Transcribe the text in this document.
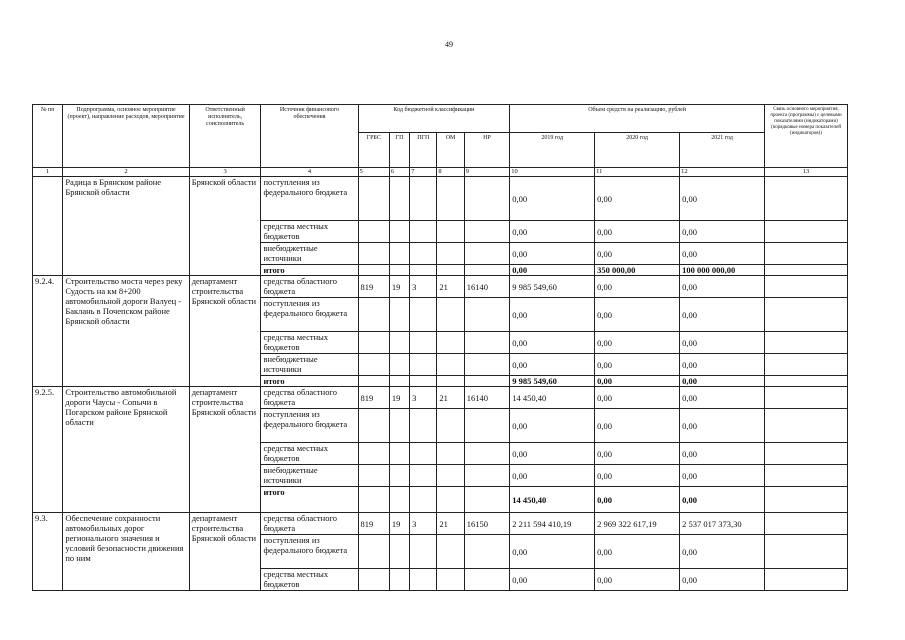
49
№ пп	Подпрограмма, основное мероприятие (проект), направление расходов, мероприятие	Ответственный исполнитель, соисполнитель	Источник финансового обеспечения	Код бюджетной классификации					Объем средств на реализацию, рублей			Связь основного мероприятия, проекта (программы) с целевыми показателями (индикаторами) (порядковые номера показателей (индикаторов))
				ГРБС	ГП	ПГП	ОМ	НР	2019 год	2020 год	2021 год	
1	2	3	4	5	6	7	8	9	10	11	12	13
	Радица в Брянском районе Брянской области	Брянской области	поступления из федерального бюджета						0,00	0,00	0,00	
			средства местных бюджетов						0,00	0,00	0,00	
			внебюджетные источники						0,00	0,00	0,00	
			итого						0,00	350 000,00	100 000 000,00	
9.2.4.	Строительство моста через реку Судость на км 8+200 автомобильной дороги Валуец - Баклань в Почепском районе Брянской области	департамент строительства Брянской области	средства областного бюджета	819	19	3	21	16140	9 985 549,60	0,00	0,00	
			поступления из федерального бюджета						0,00	0,00	0,00	
			средства местных бюджетов						0,00	0,00	0,00	
			внебюджетные источники						0,00	0,00	0,00	
			итого						9 985 549,60	0,00	0,00	
9.2.5.	Строительство автомобильной дороги Чаусы - Сопычи в Погарском районе Брянской области	департамент строительства Брянской области	средства областного бюджета	819	19	3	21	16140	14 450,40	0,00	0,00	
			поступления из федерального бюджета						0,00	0,00	0,00	
			средства местных бюджетов						0,00	0,00	0,00	
			внебюджетные источники						0,00	0,00	0,00	
			итого						14 450,40	0,00	0,00	
9.3.	Обеспечение сохранности автомобильных дорог регионального значения и условий безопасности движения по ним	департамент строительства Брянской области	средства областного бюджета	819	19	3	21	16150	2 211 594 410,19	2 969 322 617,19	2 537 017 373,30	
			поступления из федерального бюджета						0,00	0,00	0,00	
			средства местных бюджетов						0,00	0,00	0,00	
